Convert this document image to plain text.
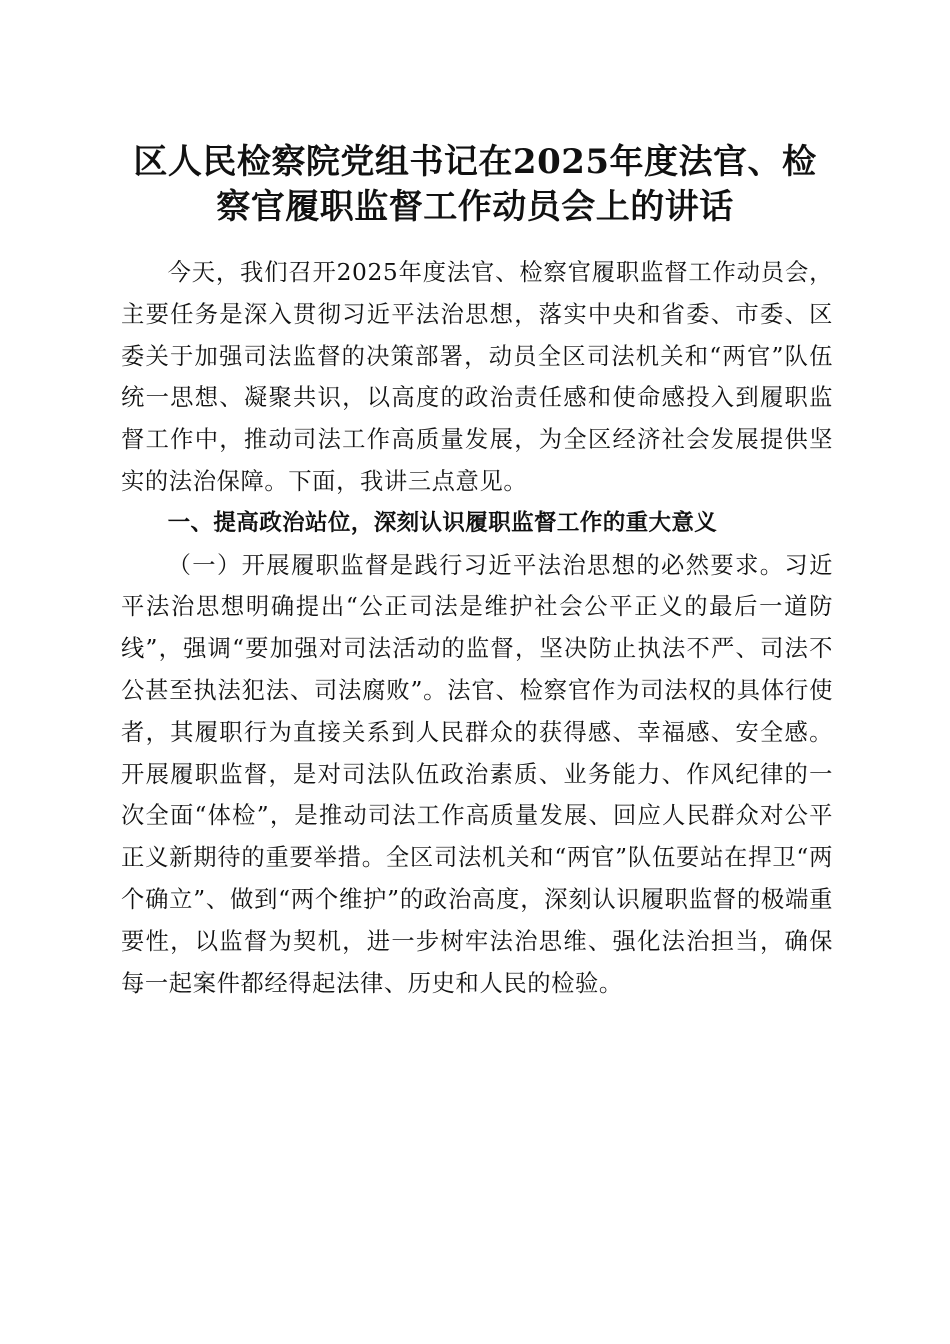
区人民检察院党组书记在2025年度法官、检
察官履职监督工作动员会上的讲话

今天，我们召开2025年度法官、检察官履职监督工作动员会，主要任务是深入贯彻习近平法治思想，落实中央和省委、市委、区委关于加强司法监督的决策部署，动员全区司法机关和“两官”队伍统一思想、凝聚共识，以高度的政治责任感和使命感投入到履职监督工作中，推动司法工作高质量发展，为全区经济社会发展提供坚实的法治保障。下面，我讲三点意见。

一、提高政治站位，深刻认识履职监督工作的重大意义

（一）开展履职监督是践行习近平法治思想的必然要求。习近平法治思想明确提出“公正司法是维护社会公平正义的最后一道防线”，强调“要加强对司法活动的监督，坚决防止执法不严、司法不公甚至执法犯法、司法腐败”。法官、检察官作为司法权的具体行使者，其履职行为直接关系到人民群众的获得感、幸福感、安全感。开展履职监督，是对司法队伍政治素质、业务能力、作风纪律的一次全面“体检”，是推动司法工作高质量发展、回应人民群众对公平正义新期待的重要举措。全区司法机关和“两官”队伍要站在捍卫“两个确立”、做到“两个维护”的政治高度，深刻认识履职监督的极端重要性，以监督为契机，进一步树牢法治思维、强化法治担当，确保每一起案件都经得起法律、历史和人民的检验。
